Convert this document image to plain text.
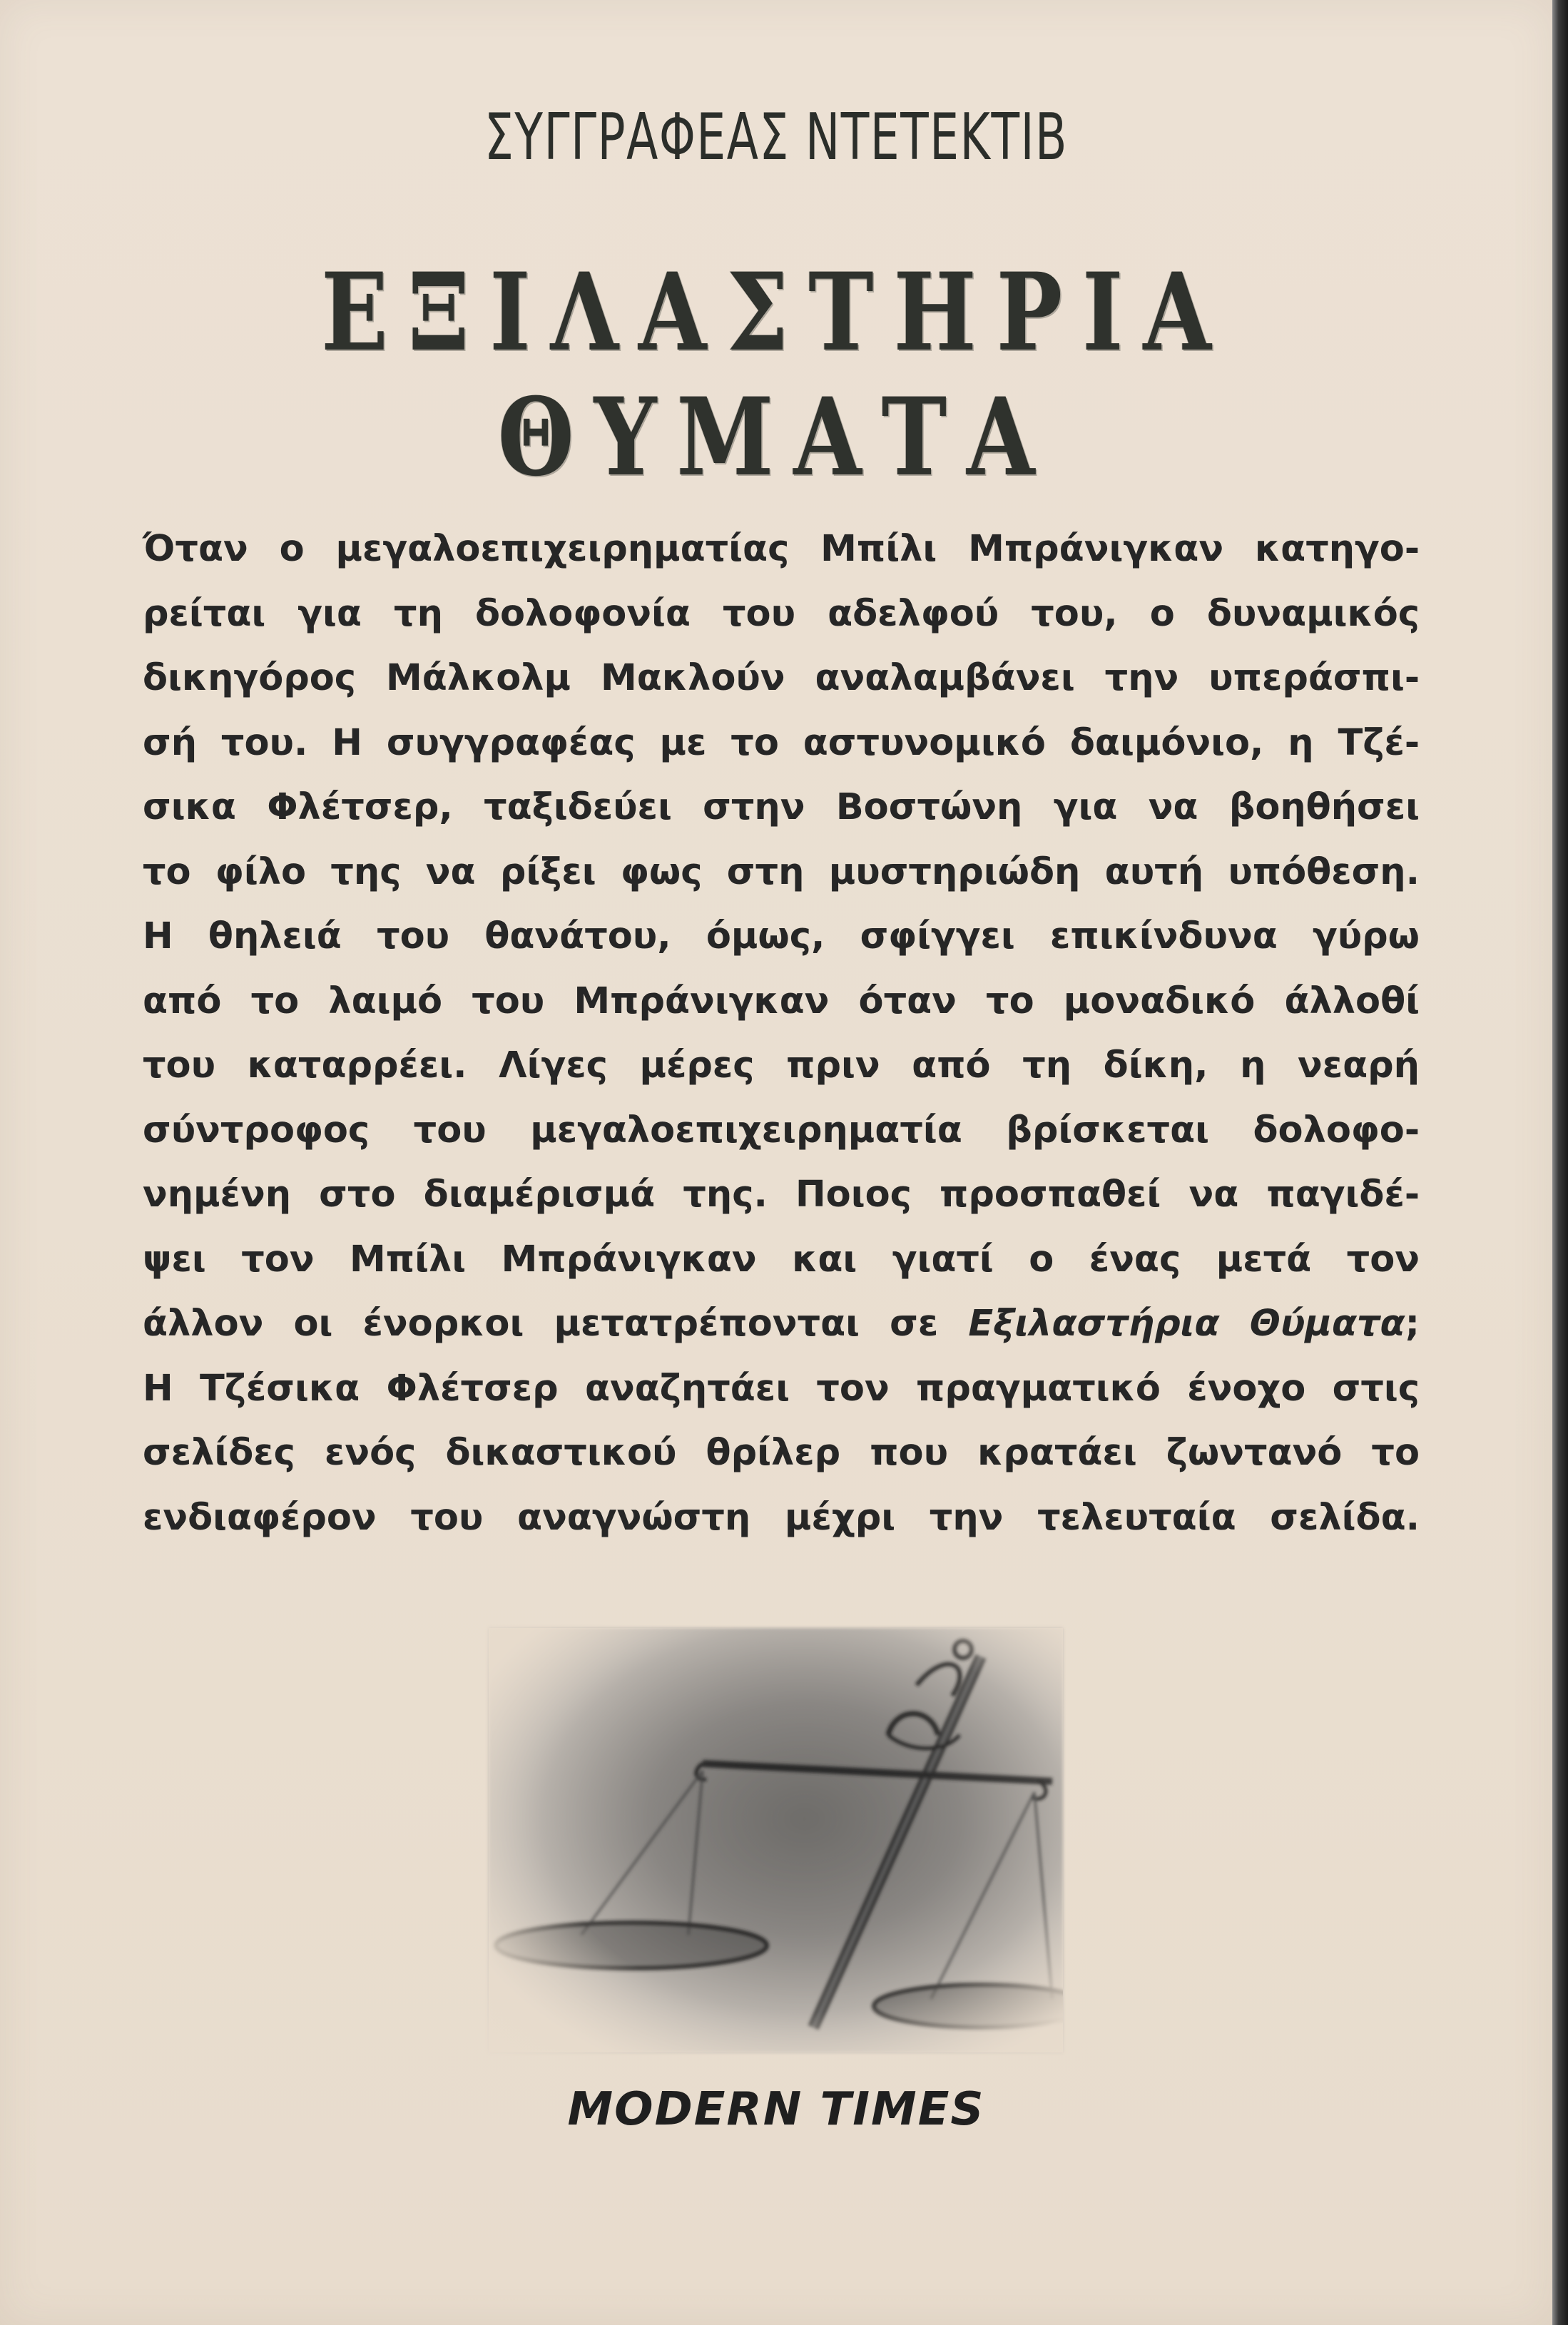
ΣΥΓΓΡΑΦΕΑΣ ΝΤΕΤΕΚΤΙΒ
ΕΞΙΛΑΣΤΗΡΙΑ
ΘΥΜΑΤΑ
Όταν ο μεγαλοεπιχειρηματίας Μπίλι Μπράνιγκαν κατηγο-
ρείται για τη δολοφονία του αδελφού του, ο δυναμικός
δικηγόρος Μάλκολμ Μακλούν αναλαμβάνει την υπεράσπι-
σή του. Η συγγραφέας με το αστυνομικό δαιμόνιο, η Τζέ-
σικα Φλέτσερ, ταξιδεύει στην Βοστώνη για να βοηθήσει
το φίλο της να ρίξει φως στη μυστηριώδη αυτή υπόθεση.
Η θηλειά του θανάτου, όμως, σφίγγει επικίνδυνα γύρω
από το λαιμό του Μπράνιγκαν όταν το μοναδικό άλλοθί
του καταρρέει. Λίγες μέρες πριν από τη δίκη, η νεαρή
σύντροφος του μεγαλοεπιχειρηματία βρίσκεται δολοφο-
νημένη στο διαμέρισμά της. Ποιος προσπαθεί να παγιδέ-
ψει τον Μπίλι Μπράνιγκαν και γιατί ο ένας μετά τον
άλλον οι ένορκοι μετατρέπονται σε Εξιλαστήρια Θύματα;
Η Τζέσικα Φλέτσερ αναζητάει τον πραγματικό ένοχο στις
σελίδες ενός δικαστικού θρίλερ που κρατάει ζωντανό το
ενδιαφέρον του αναγνώστη μέχρι την τελευταία σελίδα.
MODERN TIMES
